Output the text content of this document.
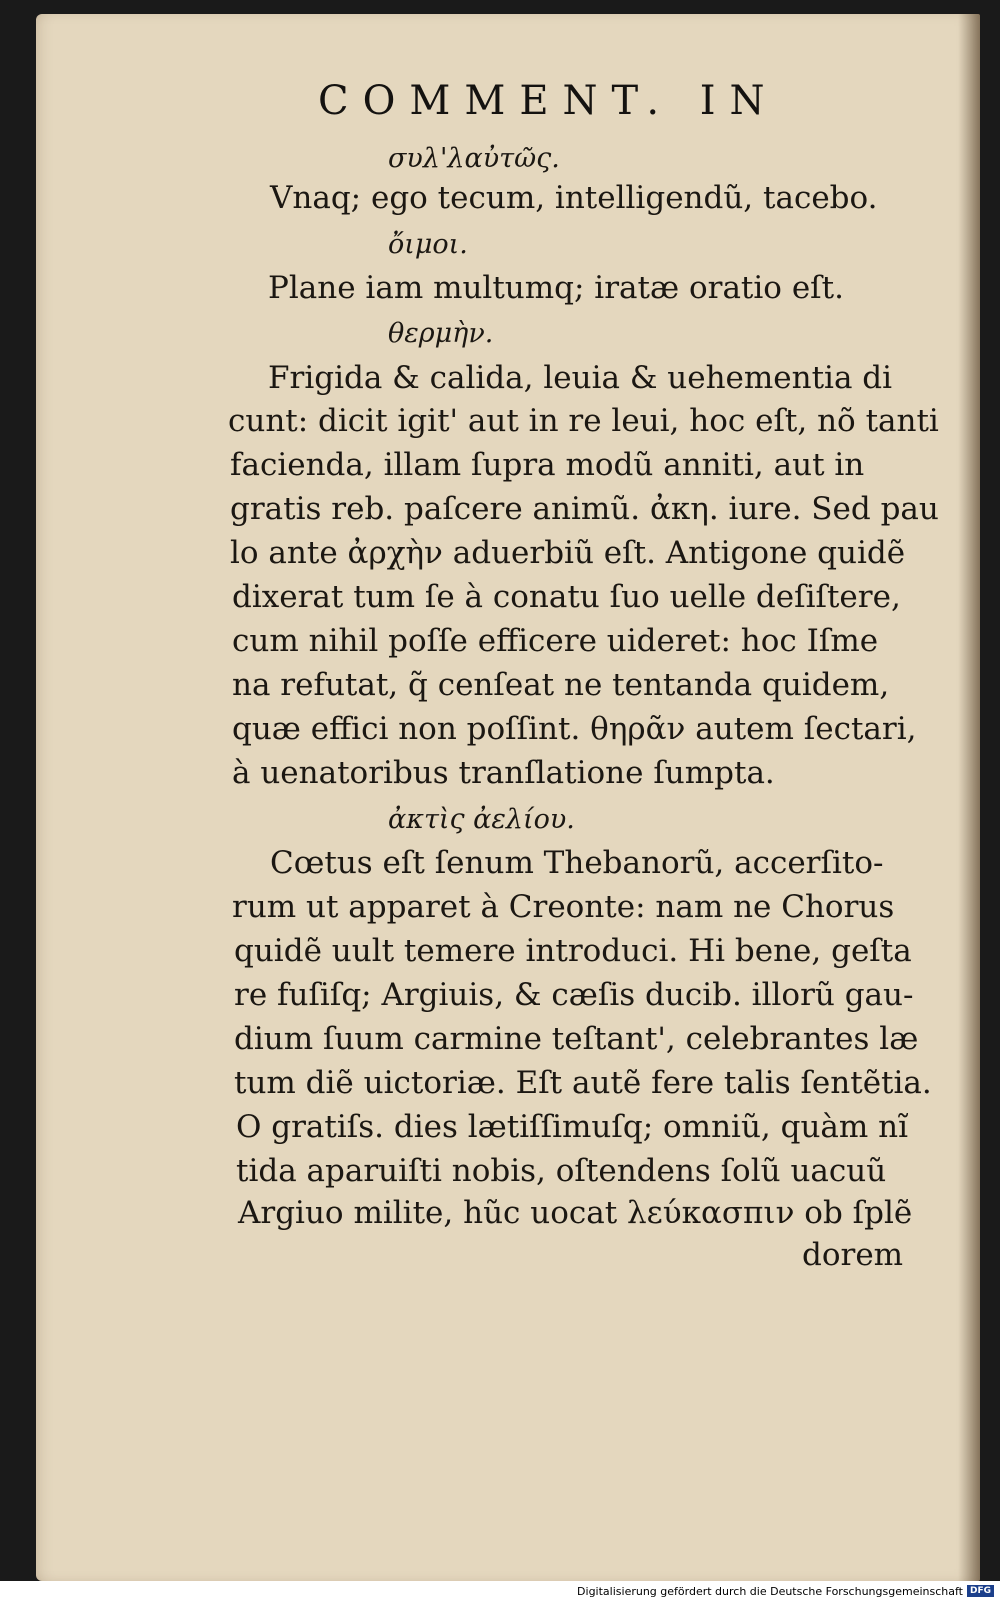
COMMENT. IN
συλ'λαὐτῶς.
Vnaq; ego tecum, intelligendũ, tacebo.
ὄιμοι.
Plane iam multumq; iratæ oratio eſt.
θερμὴν.
Frigida & calida, leuia & uehementia di
cunt: dicit igit' aut in re leui, hoc eſt, nõ tanti
facienda, illam ſupra modũ anniti, aut in
gratis reb. paſcere animũ. ἀκη. iure. Sed pau
lo ante ἀρχὴν aduerbiũ eſt. Antigone quidẽ
dixerat tum ſe à conatu ſuo uelle deſiſtere,
cum nihil poſſe efficere uideret: hoc Iſme
na refutat, q̃ cenſeat ne tentanda quidem,
quæ effici non poſſint. θηρᾶν autem ſectari,
à uenatoribus tranſlatione ſumpta.
ἀκτὶς ἀελίου.
Cœtus eſt ſenum Thebanorũ, accerſito-
rum ut apparet à Creonte: nam ne Chorus
quidẽ uult temere introduci. Hi bene, geſta
re fuſiſq; Argiuis, & cæſis ducib. illorũ gau-
dium ſuum carmine teſtant', celebrantes læ
tum diẽ uictoriæ. Eſt autẽ fere talis ſentẽtia.
O gratiſs. dies lætiſſimuſq; omniũ, quàm nĩ
tida aparuiſti nobis, oſtendens ſolũ uacuũ
Argiuo milite, hũc uocat λεύκασπιν ob ſplẽ
dorem
Digitalisierung gefördert durch die Deutsche Forschungsgemeinschaft DFG
